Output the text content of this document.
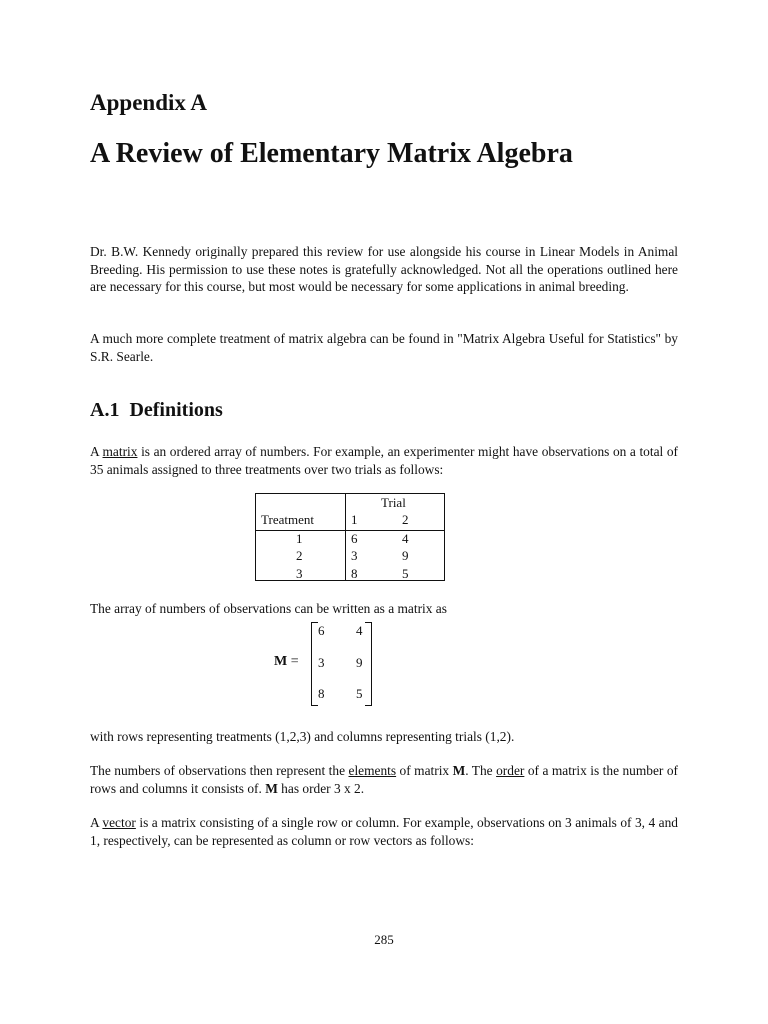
Appendix A
A Review of Elementary Matrix Algebra

Dr. B.W. Kennedy originally prepared this review for use alongside his course in Linear Models in Animal Breeding. His permission to use these notes is gratefully acknowledged. Not all the operations outlined here are necessary for this course, but most would be necessary for some applications in animal breeding.

A much more complete treatment of matrix algebra can be found in "Matrix Algebra Useful for Statistics" by S.R. Searle.

A.1 Definitions

A matrix is an ordered array of numbers. For example, an experimenter might have observations on a total of 35 animals assigned to three treatments over two trials as follows:

Trial
Treatment	1	2
1	6	4
2	3	9
3	8	5

The array of numbers of observations can be written as a matrix as

M =
6 4
3 9
8 5

with rows representing treatments (1,2,3) and columns representing trials (1,2).

The numbers of observations then represent the elements of matrix M. The order of a matrix is the number of rows and columns it consists of. M has order 3 x 2.

A vector is a matrix consisting of a single row or column. For example, observations on 3 animals of 3, 4 and 1, respectively, can be represented as column or row vectors as follows:

285
